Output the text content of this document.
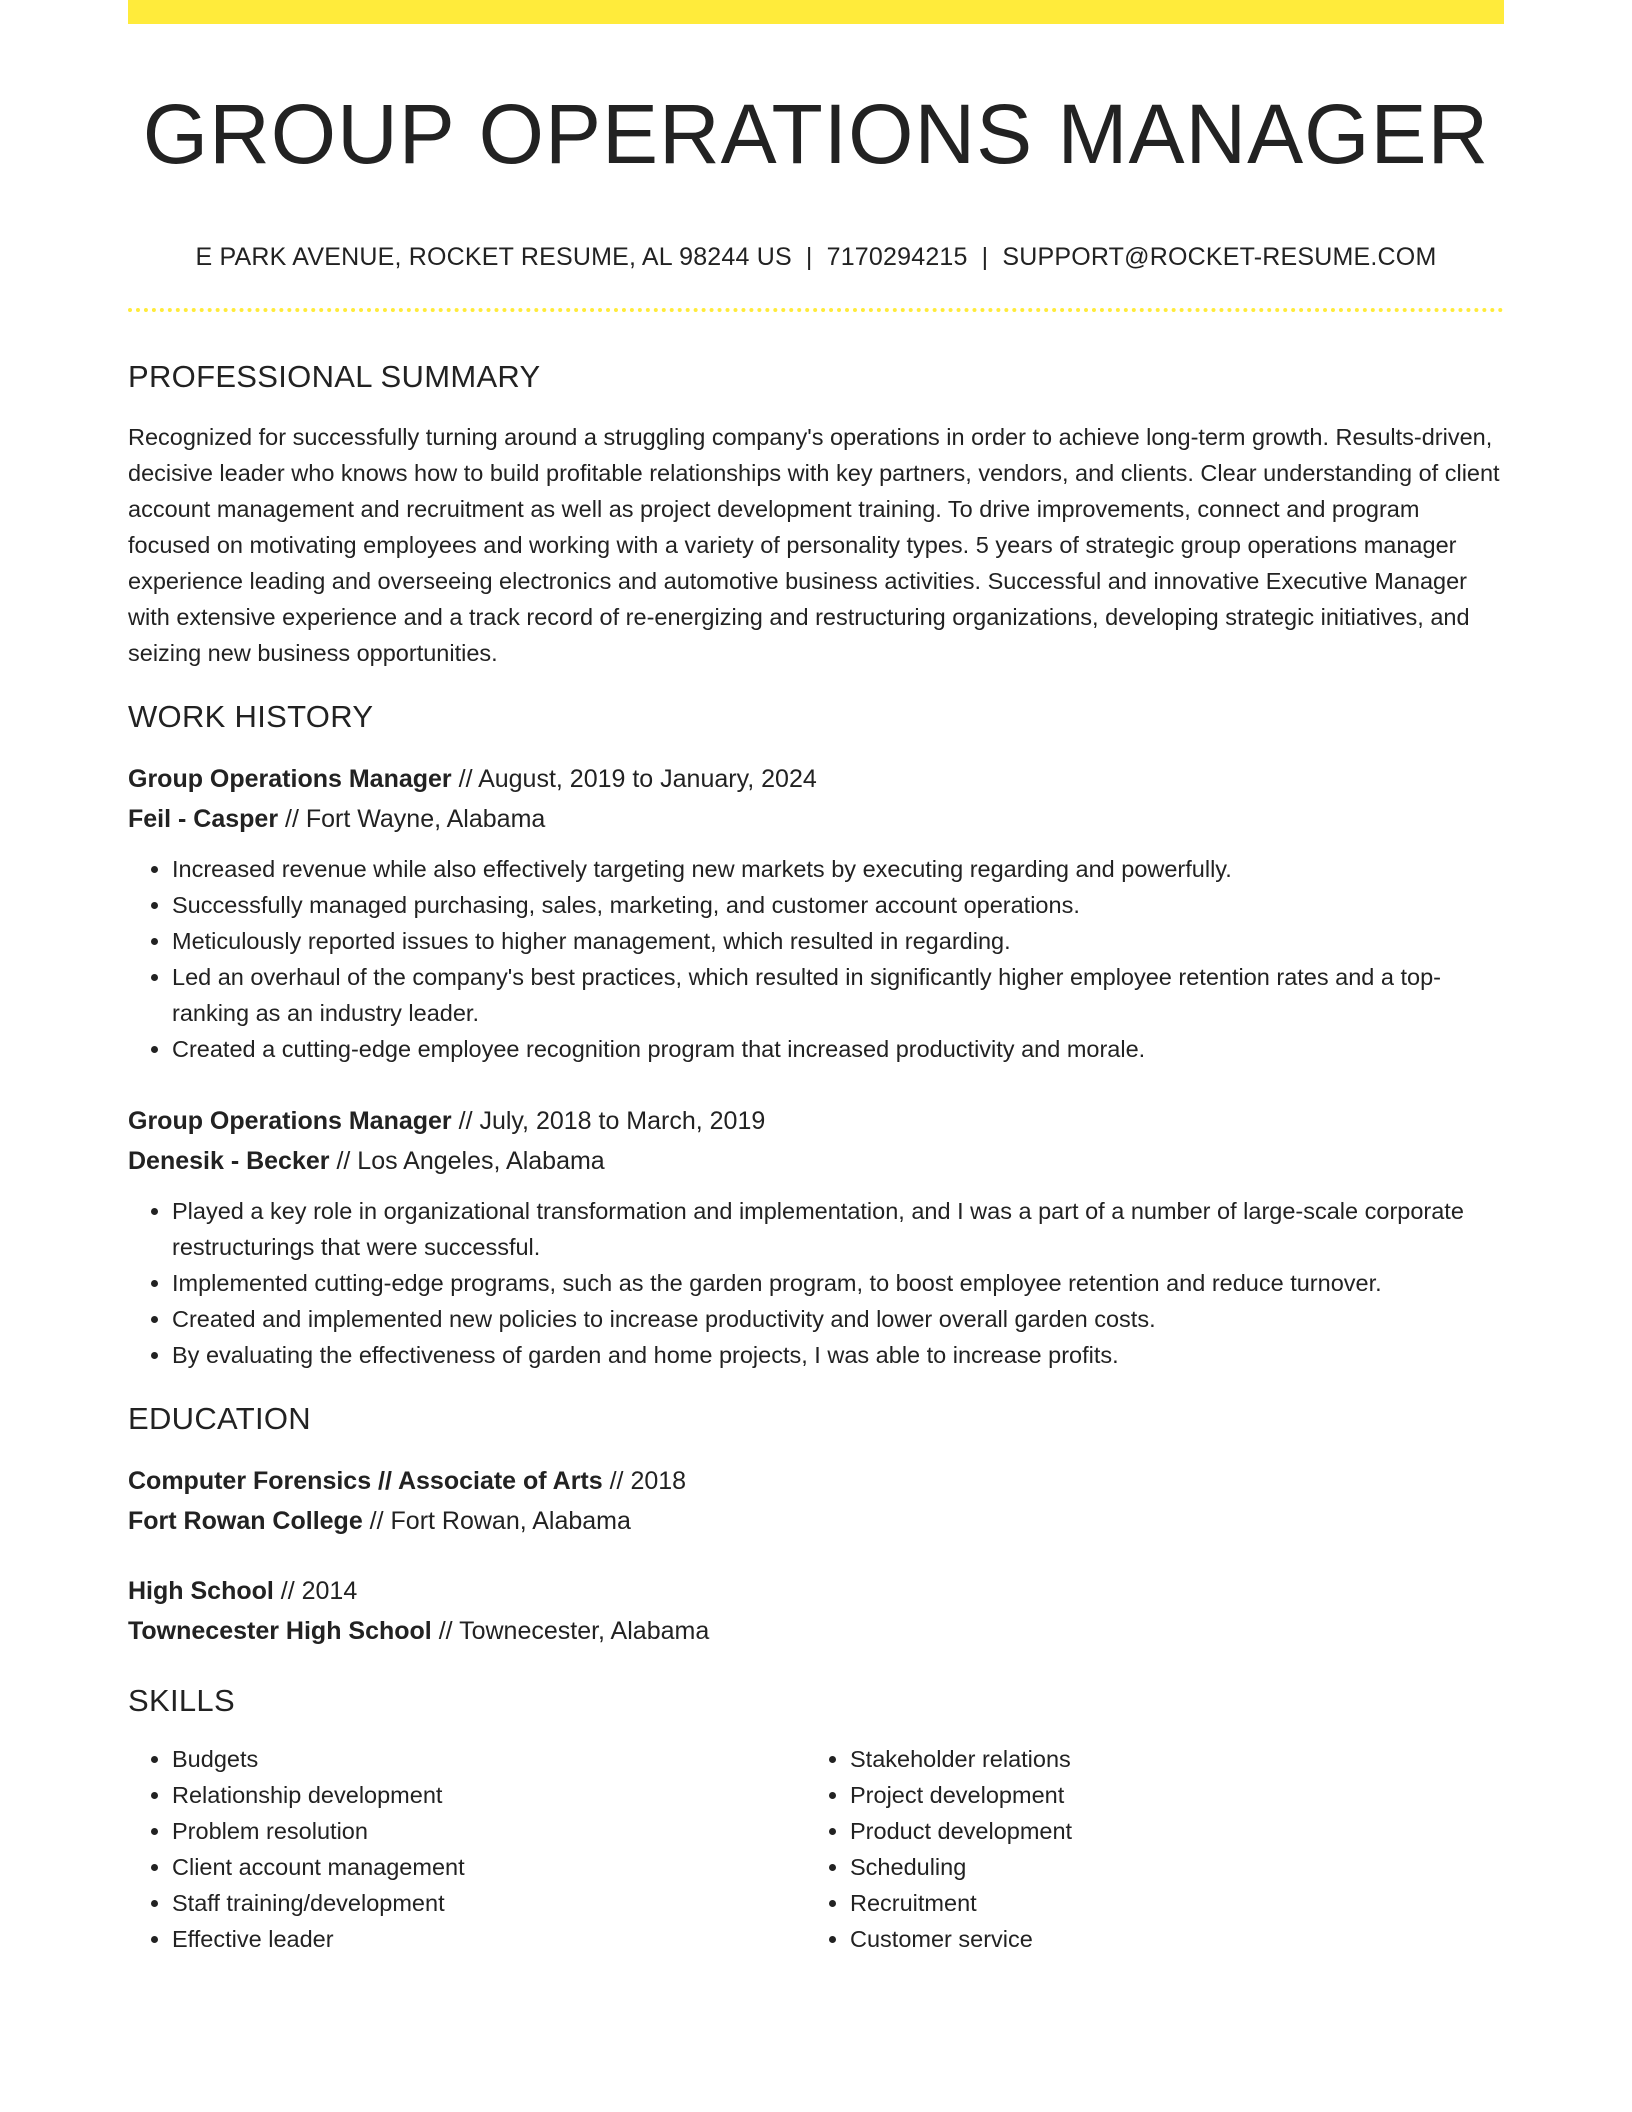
GROUP OPERATIONS MANAGER
E PARK AVENUE, ROCKET RESUME, AL 98244 US | 7170294215 | SUPPORT@ROCKET-RESUME.COM
PROFESSIONAL SUMMARY
Recognized for successfully turning around a struggling company's operations in order to achieve long-term growth. Results-driven, decisive leader who knows how to build profitable relationships with key partners, vendors, and clients. Clear understanding of client account management and recruitment as well as project development training. To drive improvements, connect and program focused on motivating employees and working with a variety of personality types. 5 years of strategic group operations manager experience leading and overseeing electronics and automotive business activities. Successful and innovative Executive Manager with extensive experience and a track record of re-energizing and restructuring organizations, developing strategic initiatives, and seizing new business opportunities.
WORK HISTORY
Group Operations Manager // August, 2019 to January, 2024
Feil - Casper // Fort Wayne, Alabama
• Increased revenue while also effectively targeting new markets by executing regarding and powerfully.
• Successfully managed purchasing, sales, marketing, and customer account operations.
• Meticulously reported issues to higher management, which resulted in regarding.
• Led an overhaul of the company's best practices, which resulted in significantly higher employee retention rates and a top-ranking as an industry leader.
• Created a cutting-edge employee recognition program that increased productivity and morale.
Group Operations Manager // July, 2018 to March, 2019
Denesik - Becker // Los Angeles, Alabama
• Played a key role in organizational transformation and implementation, and I was a part of a number of large-scale corporate restructurings that were successful.
• Implemented cutting-edge programs, such as the garden program, to boost employee retention and reduce turnover.
• Created and implemented new policies to increase productivity and lower overall garden costs.
• By evaluating the effectiveness of garden and home projects, I was able to increase profits.
EDUCATION
Computer Forensics // Associate of Arts // 2018
Fort Rowan College // Fort Rowan, Alabama
High School // 2014
Townecester High School // Townecester, Alabama
SKILLS
• Budgets
• Relationship development
• Problem resolution
• Client account management
• Staff training/development
• Effective leader
• Stakeholder relations
• Project development
• Product development
• Scheduling
• Recruitment
• Customer service
